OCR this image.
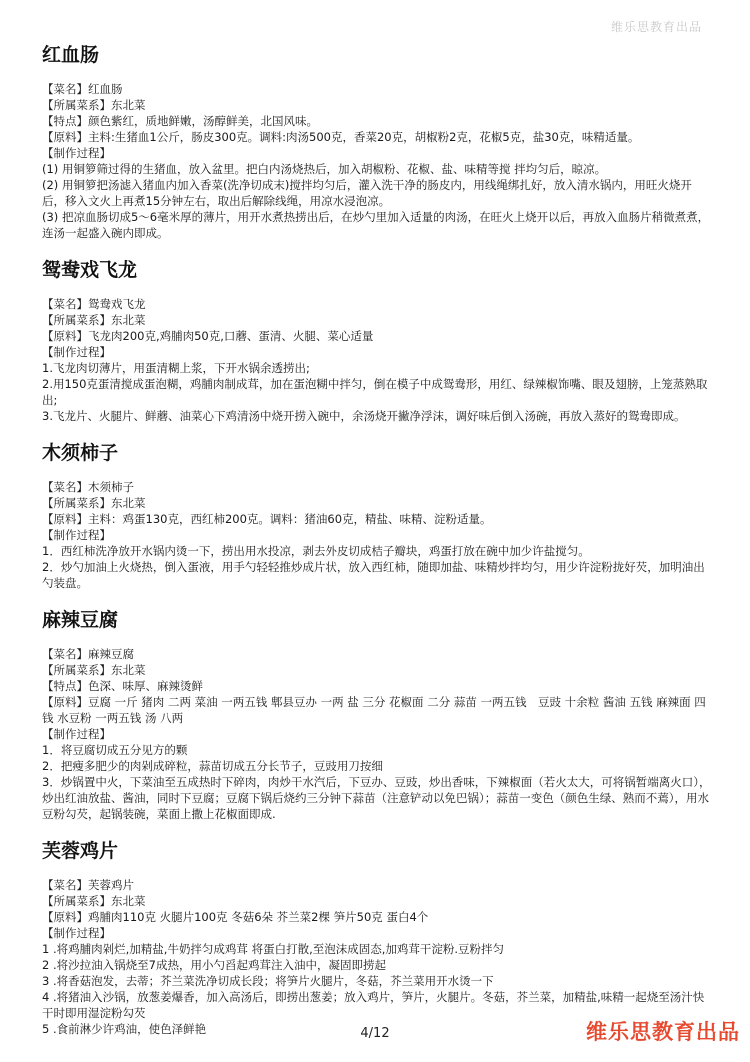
维乐思教育出品
红血肠

【菜名】红血肠

【所属菜系】东北菜

【特点】颜色紫红，质地鲜嫩，汤醇鲜美，北国风味。

【原料】主料:生猪血1公斤，肠皮300克。调料:肉汤500克，香菜20克，胡椒粉2克，花椒5克，盐30克，味精适量。

【制作过程】

(1) 用铜箩筛过得的生猪血，放入盆里。把白内汤烧热后，加入胡椒粉、花椒、盐、味精等搅 拌均匀后，晾凉。

(2) 用铜箩把汤滤入猪血内加入香菜(洗净切成末)搅拌均匀后，灌入洗干净的肠皮内，用线绳绑扎好，放入清水锅内，用旺火烧开后，移入文火上再煮15分钟左右，取出后解除线绳，用凉水浸泡凉。

(3) 把凉血肠切成5～6毫米厚的薄片，用开水煮热捞出后，在炒勺里加入适量的肉汤，在旺火上烧开以后，再放入血肠片稍微煮煮，连汤一起盛入碗内即成。

鸳鸯戏飞龙

【菜名】鸳鸯戏飞龙

【所属菜系】东北菜

【原料】飞龙肉200克,鸡脯肉50克,口蘑、蛋清、火腿、菜心适量

【制作过程】

1.飞龙肉切薄片，用蛋清糊上浆，下开水锅余透捞出;

2.用150克蛋清搅成蛋泡糊，鸡脯肉制成茸，加在蛋泡糊中拌匀，倒在模子中成鸳鸯形，用红、绿辣椒饰嘴、眼及翅膀，上笼蒸熟取出;

3.飞龙片、火腿片、鲜蘑、油菜心下鸡清汤中烧开捞入碗中，余汤烧开撇净浮沫，调好味后倒入汤碗，再放入蒸好的鸳鸯即成。

木须柿子

【菜名】木须柿子

【所属菜系】东北菜

【原料】主料：鸡蛋130克，西红柿200克。调料：猪油60克，精盐、味精、淀粉适量。

【制作过程】

1．西红柿洗净放开水锅内烫一下，捞出用水投凉，剥去外皮切成桔子瓣块，鸡蛋打放在碗中加少许盐搅匀。

2．炒勺加油上火烧热，倒入蛋液，用手勺轻轻推炒成片状，放入西红柿，随即加盐、味精炒拌均匀，用少许淀粉拢好芡，加明油出勺装盘。

麻辣豆腐

【菜名】麻辣豆腐

【所属菜系】东北菜

【特点】色深、味厚、麻辣烫鲜

【原料】豆腐 一斤 猪肉 二两 菜油 一两五钱 郫县豆办 一两 盐 三分 花椒面 二分 蒜苗 一两五钱　豆豉 十余粒 酱油 五钱 麻辣面 四钱 水豆粉 一两五钱 汤 八两

【制作过程】

1．将豆腐切成五分见方的颗

2．把瘦多肥少的肉剁成碎粒，蒜苗切成五分长节子，豆豉用刀按细

3．炒锅置中火，下菜油至五成热时下碎肉，肉炒干水汽后，下豆办、豆豉，炒出香味，下辣椒面（若火太大，可将锅暂端离火口），炒出红油放盐、酱油，同时下豆腐；豆腐下锅后烧约三分钟下蒜苗（注意铲动以免巴锅）；蒜苗一变色（颜色生绿、熟而不蔫），用水豆粉勾芡，起锅装碗，菜面上撒上花椒面即成.

芙蓉鸡片

【菜名】芙蓉鸡片

【所属菜系】东北菜

【原料】鸡脯肉110克 火腿片100克 冬菇6朵 芥兰菜2棵 笋片50克 蛋白4个

【制作过程】

1 .将鸡脯肉剁烂,加精盐,牛奶拌匀成鸡茸 将蛋白打散,至泡沫成固态,加鸡茸干淀粉.豆粉拌匀

2 .将沙拉油入锅烧至7成热，用小勺舀起鸡茸注入油中，凝固即捞起

3 .将香菇泡发，去蒂；芥兰菜洗净切成长段；将笋片火腿片，冬菇，芥兰菜用开水烫一下

4 .将猪油入沙锅，放葱姜爆香，加入高汤后，即捞出葱姜；放入鸡片，笋片，火腿片。冬菇，芥兰菜，加精盐,味精一起烧至汤汁快干时即用湿淀粉勾芡

5 .食前淋少许鸡油，使色泽鲜艳	4/12	维乐思教育出品
